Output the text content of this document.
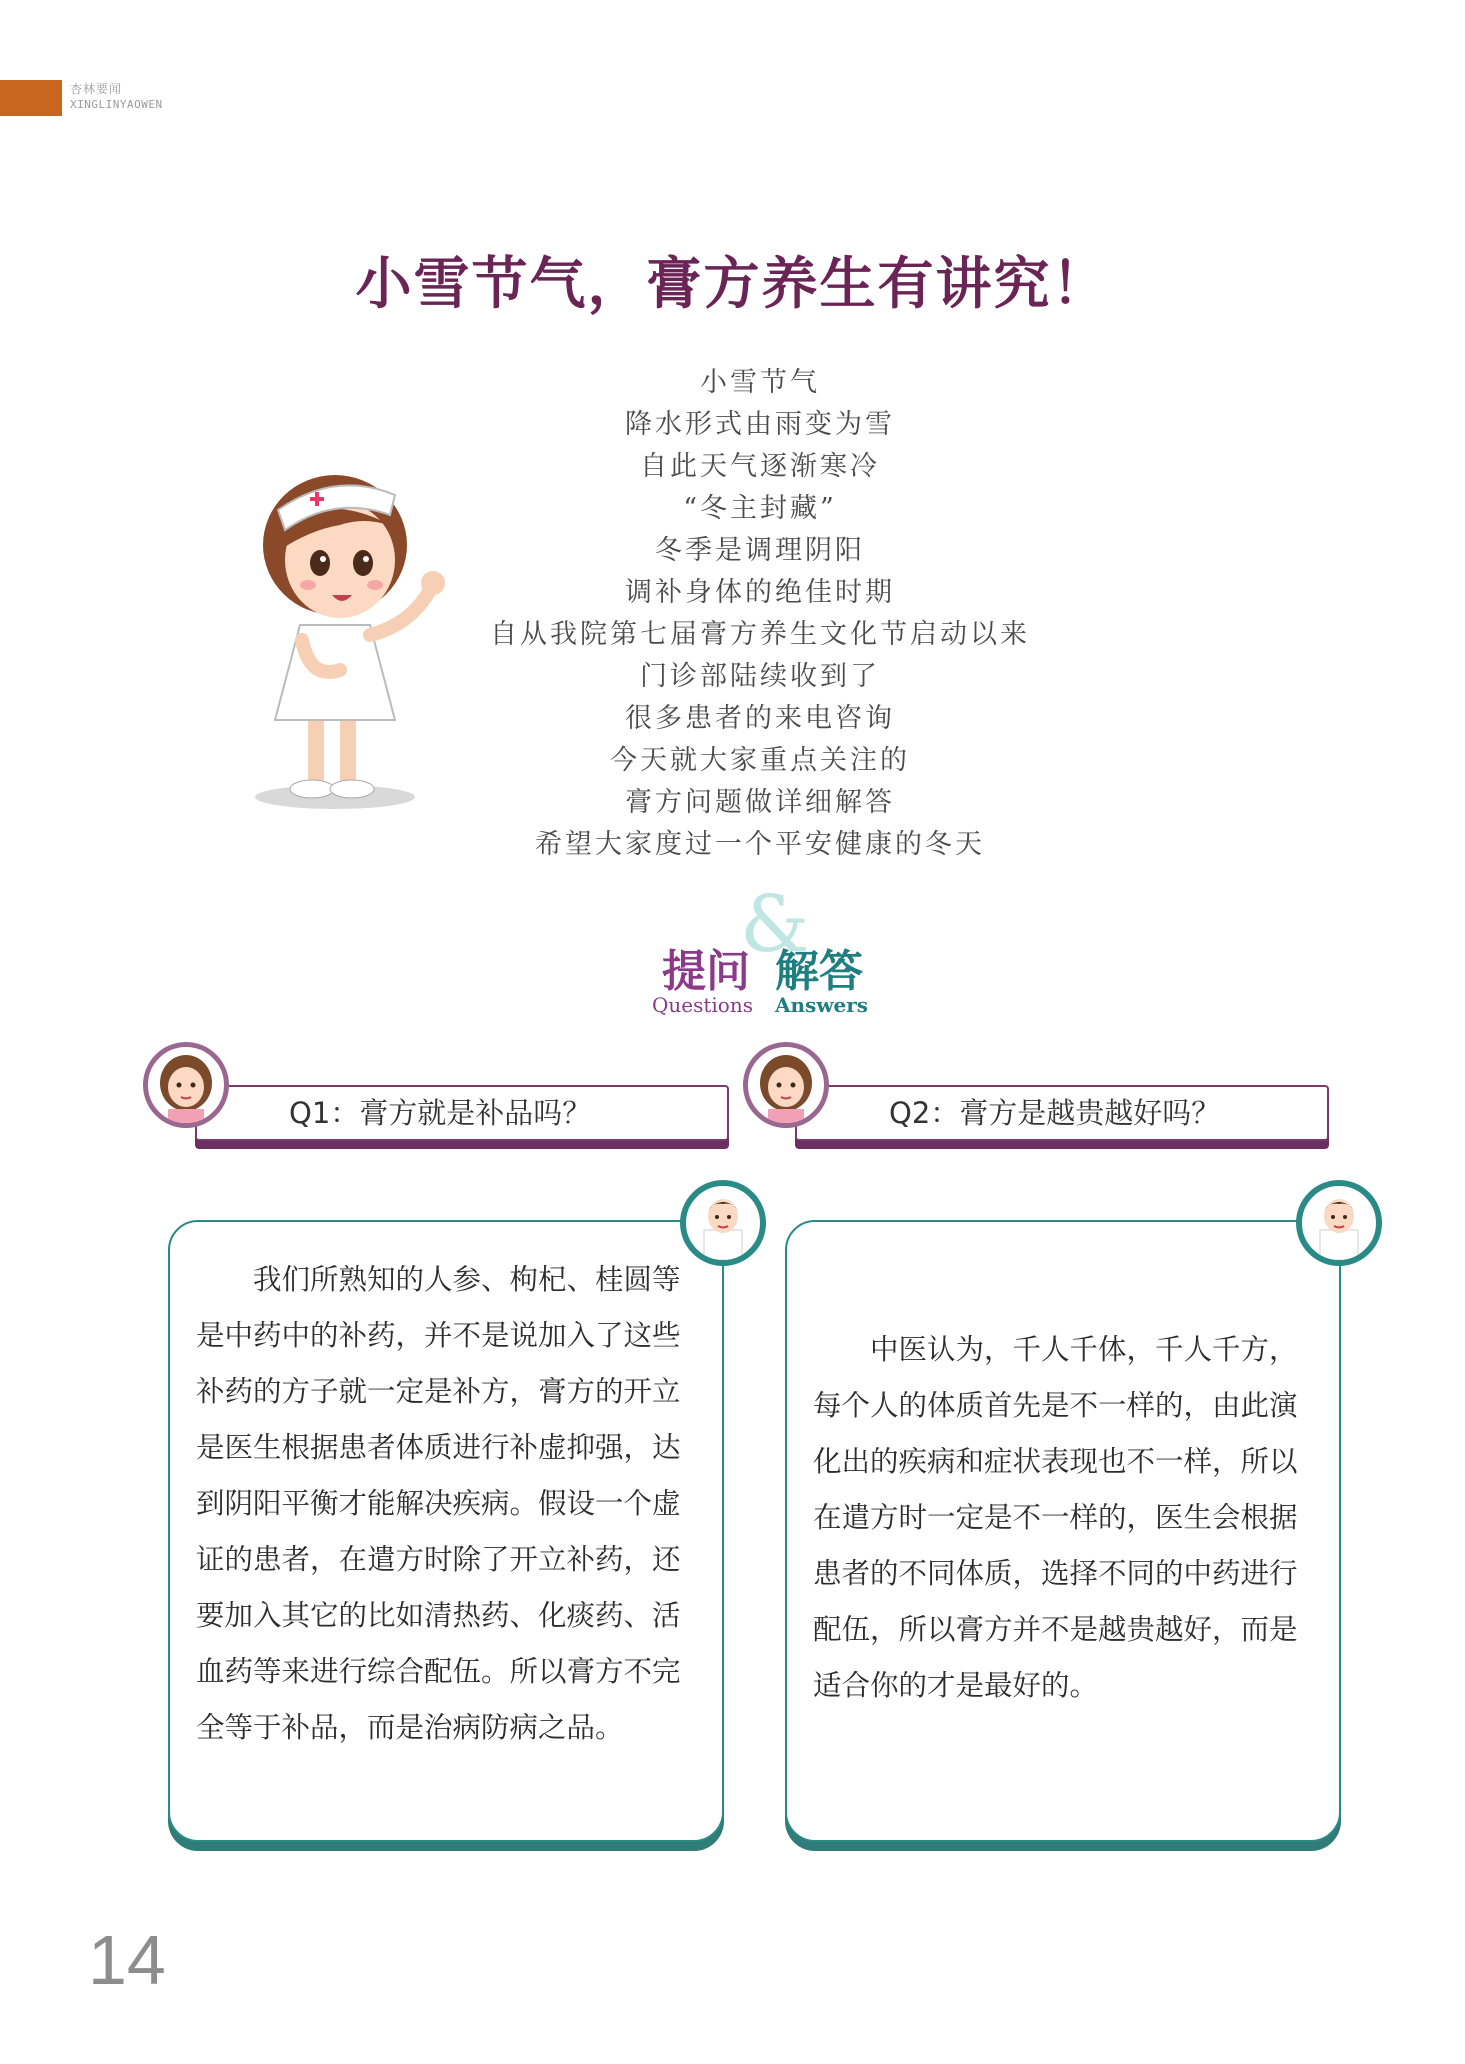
杏林要闻
XINGLINYAOWEN
小雪节气，膏方养生有讲究！
小雪节气
降水形式由雨变为雪
自此天气逐渐寒冷
“冬主封藏”
冬季是调理阴阳
调补身体的绝佳时期
自从我院第七届膏方养生文化节启动以来
门诊部陆续收到了
很多患者的来电咨询
今天就大家重点关注的
膏方问题做详细解答
希望大家度过一个平安健康的冬天
&
提问 解答
Questions Answers
Q1：膏方就是补品吗？	Q2：膏方是越贵越好吗？
我们所熟知的人参、枸杞、桂圆等是中药中的补药，并不是说加入了这些补药的方子就一定是补方，膏方的开立是医生根据患者体质进行补虚抑强，达到阴阳平衡才能解决疾病。假设一个虚证的患者，在遣方时除了开立补药，还要加入其它的比如清热药、化痰药、活血药等来进行综合配伍。所以膏方不完全等于补品，而是治病防病之品。
中医认为，千人千体，千人千方，每个人的体质首先是不一样的，由此演化出的疾病和症状表现也不一样，所以在遣方时一定是不一样的，医生会根据患者的不同体质，选择不同的中药进行配伍，所以膏方并不是越贵越好，而是适合你的才是最好的。
14
